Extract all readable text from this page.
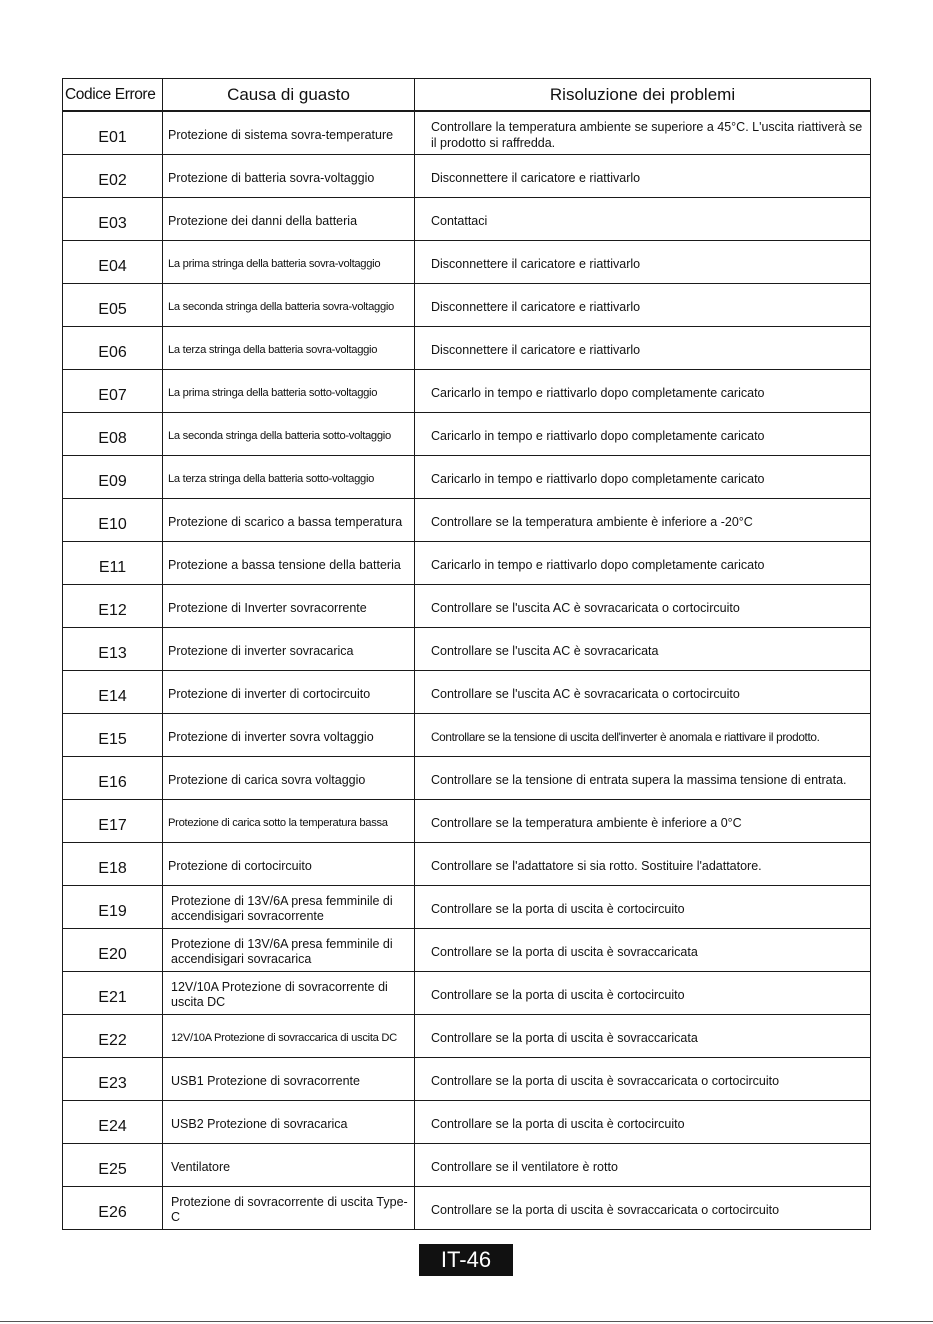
Codice Errore	Causa di guasto	Risoluzione dei problemi

E01	Protezione di sistema sovra-temperature	Controllare la temperatura ambiente se superiore a 45°C. L'uscita riattiverà se il prodotto si raffredda.

E02	Protezione di batteria sovra-voltaggio	Disconnettere il caricatore e riattivarlo

E03	Protezione dei danni della batteria	Contattaci

E04	La prima stringa della batteria sovra-voltaggio	Disconnettere il caricatore e riattivarlo

E05	La seconda stringa della batteria sovra-voltaggio	Disconnettere il caricatore e riattivarlo

E06	La terza stringa della batteria sovra-voltaggio	Disconnettere il caricatore e riattivarlo

E07	La prima stringa della batteria sotto-voltaggio	Caricarlo in tempo e riattivarlo dopo completamente caricato

E08	La seconda stringa della batteria sotto-voltaggio	Caricarlo in tempo e riattivarlo dopo completamente caricato

E09	La terza stringa della batteria sotto-voltaggio	Caricarlo in tempo e riattivarlo dopo completamente caricato

E10	Protezione di scarico a bassa temperatura	Controllare se la temperatura ambiente è inferiore a -20°C

E11	Protezione a bassa tensione della batteria	Caricarlo in tempo e riattivarlo dopo completamente caricato

E12	Protezione di Inverter sovracorrente	Controllare se l'uscita AC è sovracaricata o cortocircuito

E13	Protezione di inverter sovracarica	Controllare se l'uscita AC è sovracaricata

E14	Protezione di inverter di cortocircuito	Controllare se l'uscita AC è sovracaricata o cortocircuito

E15	Protezione di inverter sovra voltaggio	Controllare se la tensione di uscita dell'inverter è anomala e riattivare il prodotto.

E16	Protezione di carica sovra voltaggio	Controllare se la tensione di entrata supera la massima tensione di entrata.

E17	Protezione di carica sotto la temperatura bassa	Controllare se la temperatura ambiente è inferiore a 0°C

E18	Protezione di cortocircuito	Controllare se l'adattatore si sia rotto. Sostituire l'adattatore.

E19	Protezione di 13V/6A presa femminile di accendisigari sovracorrente	Controllare se la porta di uscita è cortocircuito

E20	Protezione di 13V/6A presa femminile di accendisigari sovracarica	Controllare se la porta di uscita è sovraccaricata

E21	12V/10A Protezione di sovracorrente di uscita DC	Controllare se la porta di uscita è cortocircuito

E22	12V/10A Protezione di sovraccarica di uscita DC	Controllare se la porta di uscita è sovraccaricata

E23	USB1 Protezione di sovracorrente	Controllare se la porta di uscita è sovraccaricata o cortocircuito

E24	USB2 Protezione di sovracarica	Controllare se la porta di uscita è cortocircuito

E25	Ventilatore	Controllare se il ventilatore è rotto

E26	Protezione di sovracorrente di uscita Type-C	Controllare se la porta di uscita è sovraccaricata o cortocircuito
IT-46
